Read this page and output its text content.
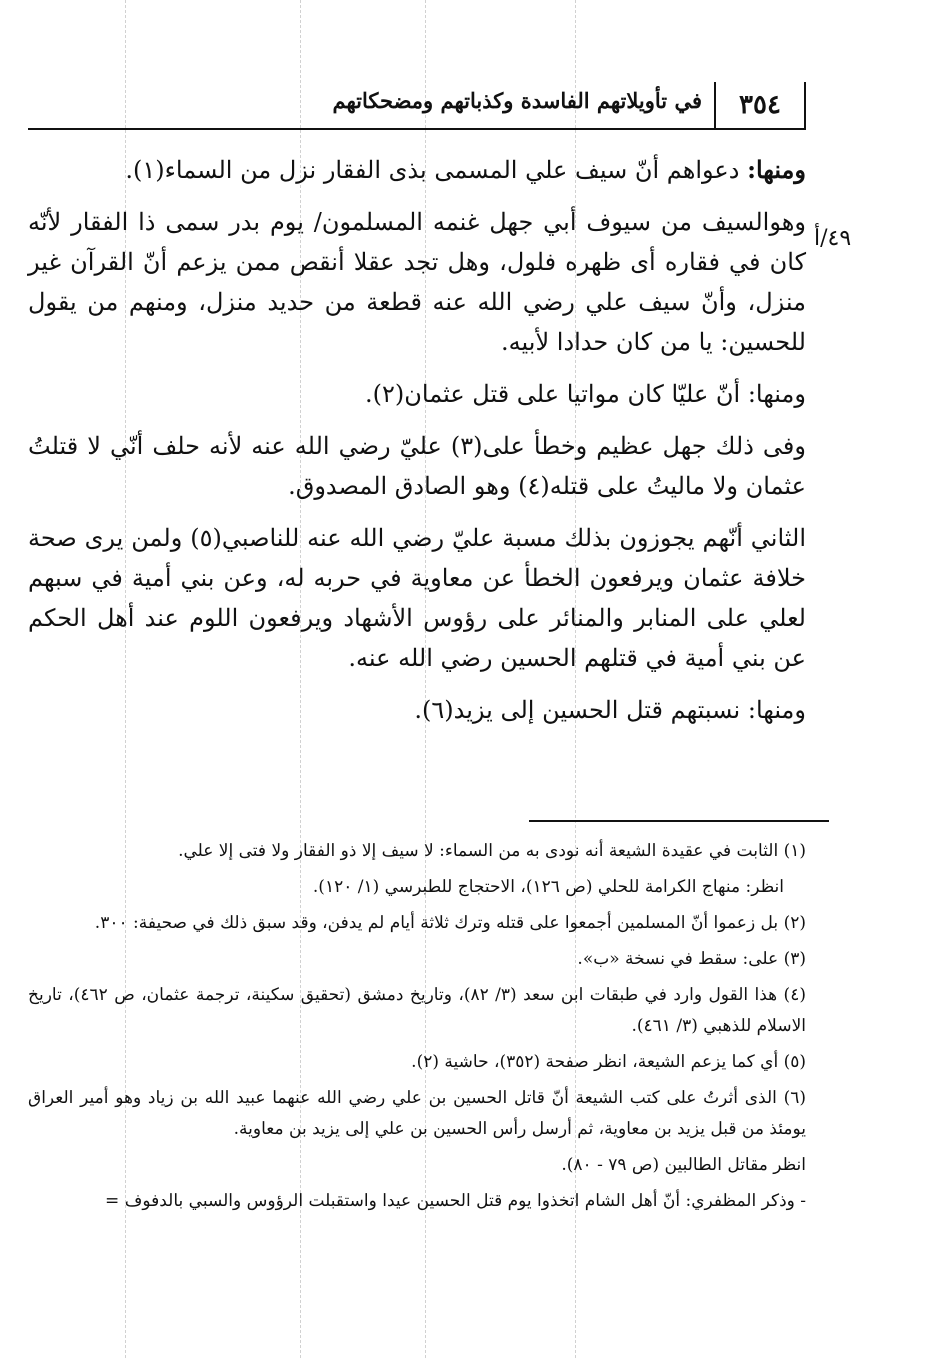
٣٥٤
في تأويلاتهم الفاسدة وكذباتهم ومضحكاتهم
٤٩/أ

ومنها: دعواهم أنّ سيف علي المسمى بذى الفقار نزل من السماء(١).

وهوالسيف من سيوف أبي جهل غنمه المسلمون/ يوم بدر سمى ذا الفقار لأنّه كان في فقاره أى ظهره فلول، وهل تجد عقلا أنقص ممن يزعم أنّ القرآن غير منزل، وأنّ سيف علي رضي الله عنه قطعة من حديد منزل، ومنهم من يقول للحسين: يا من كان حدادا لأبيه.

ومنها: أنّ عليّا كان مواتيا على قتل عثمان(٢).

وفى ذلك جهل عظيم وخطأ على(٣) عليّ رضي الله عنه لأنه حلف أنّي لا قتلتُ عثمان ولا ماليتُ على قتله(٤) وهو الصادق المصدوق.

الثاني أنّهم يجوزون بذلك مسبة عليّ رضي الله عنه للناصبي(٥) ولمن يرى صحة خلافة عثمان ويرفعون الخطأ عن معاوية في حربه له، وعن بني أمية في سبهم لعلي على المنابر والمنائر على رؤوس الأشهاد ويرفعون اللوم عند أهل الحكم عن بني أمية في قتلهم الحسين رضي الله عنه.

ومنها: نسبتهم قتل الحسين إلى يزيد(٦).

(١) الثابت في عقيدة الشيعة أنه نودى به من السماء: لا سيف إلا ذو الفقار ولا فتى إلا علي.

انظر: منهاج الكرامة للحلي (ص ١٢٦)، الاحتجاج للطبرسي (١/ ١٢٠).

(٢) بل زعموا أنّ المسلمين أجمعوا على قتله وترك ثلاثة أيام لم يدفن، وقد سبق ذلك في صحيفة: ٣٠٠.

(٣) على: سقط في نسخة «ب».

(٤) هذا القول وارد في طبقات ابن سعد (٣/ ٨٢)، وتاريخ دمشق (تحقيق سكينة، ترجمة عثمان، ص ٤٦٢)، تاريخ الاسلام للذهبي (٣/ ٤٦١).

(٥) أي كما يزعم الشيعة، انظر صفحة (٣٥٢)، حاشية (٢).

(٦) الذى أثرتُ على كتب الشيعة أنّ قاتل الحسين بن علي رضي الله عنهما عبيد الله بن زياد وهو أمير العراق يومئذ من قبل يزيد بن معاوية، ثم أرسل رأس الحسين بن علي إلى يزيد بن معاوية.

انظر مقاتل الطالبين (ص ٧٩ - ٨٠).

- وذكر المظفري: أنّ أهل الشام اتخذوا يوم قتل الحسين عيدا واستقبلت الرؤوس والسبي بالدفوف =
